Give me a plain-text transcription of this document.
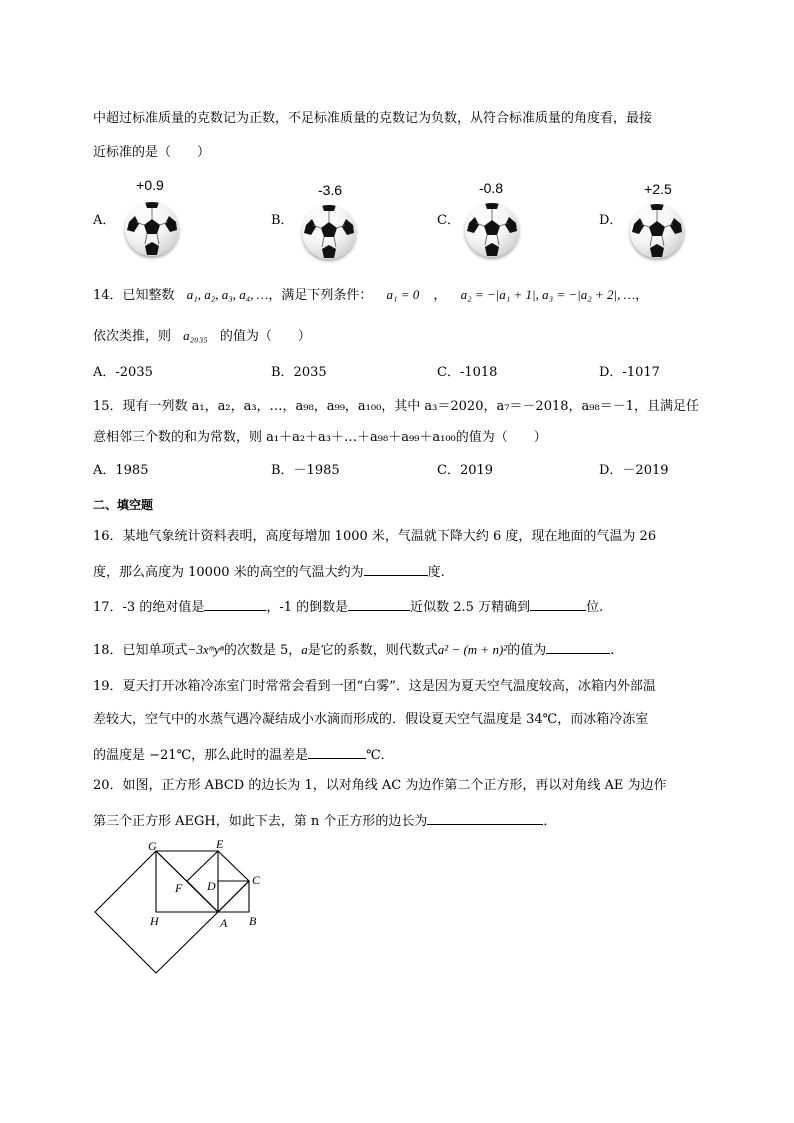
中超过标准质量的克数记为正数，不足标准质量的克数记为负数，从符合标准质量的角度看，最接
近标准的是（　　）
A．
+0.9
B．
-3.6
C．
-0.8
D．
+2.5
14．已知整数 a₁, a₂, a₃, a₄, …，满足下列条件： a₁ = 0 ， a₂ = −|a₁ + 1|, a₃ = −|a₂ + 2|, …，
依次类推，则 a₂₀₃₅ 的值为（　　）
A．-2035	B．2035	C．-1018	D．-1017
15．现有一列数 a₁，a₂，a₃，…，a₉₈，a₉₉，a₁₀₀，其中 a₃＝2020，a₇＝－2018，a₉₈＝－1，且满足任
意相邻三个数的和为常数，则 a₁＋a₂＋a₃＋…＋a₉₈＋a₉₉＋a₁₀₀的值为（　　）
A．1985	B．－1985	C．2019	D．－2019
二、填空题
16．某地气象统计资料表明，高度每增加 1000 米，气温就下降大约 6 度，现在地面的气温为 26
度，那么高度为 10000 米的高空的气温大约为	度.
17．-3 的绝对值是	，-1 的倒数是	近似数 2.5 万精确到	位.
18．已知单项式−3xᵐyⁿ的次数是 5，a是它的系数，则代数式a² − (m + n)²的值为	.
19．夏天打开冰箱冷冻室门时常常会看到一团“白雾”．这是因为夏天空气温度较高，冰箱内外部温
差较大，空气中的水蒸气遇冷凝结成小水滴而形成的．假设夏天空气温度是 34℃，而冰箱冷冻室
的温度是 −21℃，那么此时的温差是	℃．
20．如图，正方形 ABCD 的边长为 1，以对角线 AC 为边作第二个正方形，再以对角线 AE 为边作
第三个正方形 AEGH，如此下去，第 n 个正方形的边长为	．
G	E
C
F D
H	A B
